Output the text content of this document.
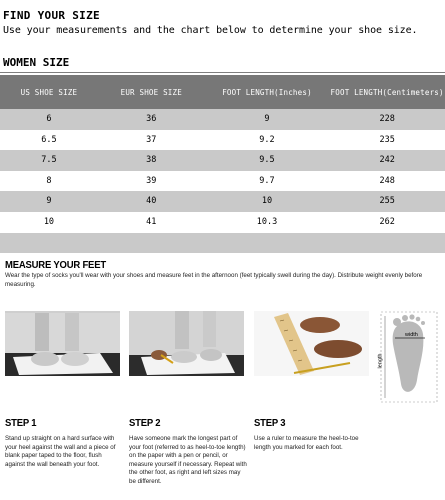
FIND YOUR SIZE
Use your measurements and the chart below to determine your shoe size.
WOMEN SIZE
US SHOE SIZE	EUR SHOE SIZE	FOOT LENGTH(Inches)	FOOT LENGTH(Centimeters)
6	36	9	228
6.5	37	9.2	235
7.5	38	9.5	242
8	39	9.7	248
9	40	10	255
10	41	10.3	262
MEASURE YOUR FEET
Wear the type of socks you'll wear with your shoes and measure feet in the afternoon (feet typically swell during the day). Distribute weight evenly before measuring.
width
length
STEP 1
Stand up straight on a hard surface with your heel against the wall and a piece of blank paper taped to the floor, flush against the wall beneath your foot.
STEP 2
Have someone mark the longest part of your foot (referred to as heel-to-toe length) on the paper with a pen or pencil, or measure yourself if necessary. Repeat with the other foot, as right and left sizes may be different.
STEP 3
Use a ruler to measure the heel-to-toe length you marked for each foot.
